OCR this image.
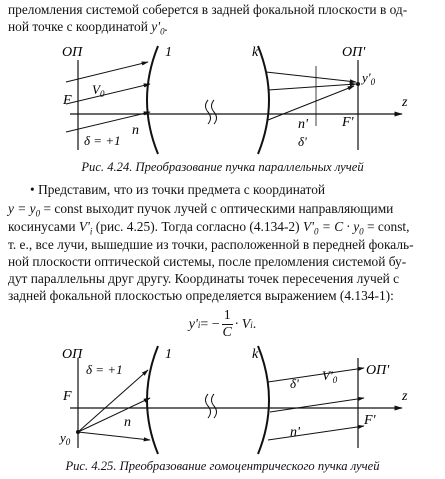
преломления системой соберется в задней фокальной плоскости в од-
ной точке с координатой $y'_0$.
z
ОП	1	k	ОП'
$V_0$
F
δ = +1
n
$y'_0$
F'
n'
δ'
Рис. 4.24. Преобразование пучка параллельных лучей
• Представим, что из точки предмета с координатой
$y = y_0$ = const выходит пучок лучей с оптическими направляющими
косинусами $V'_i$ (рис. 4.25). Тогда согласно (4.134-2) $V'_0 = C \cdot y_0$ = const,
т. е., все лучи, вышедшие из точки, расположенной в передней фокаль-
ной плоскости оптической системы, после преломления системой бу-
дут параллельны друг другу. Координаты точек пересечения лучей с
задней фокальной плоскостью определяется выражением (4.134-1):
y' i = − $\frac{1}{C} \cdot V$ i .
z
ОП	1	k
ОП'
δ = +1
F
$y_0$
n
δ'
$V'_0$
F'
n'
Рис. 4.25. Преобразование гомоцентрического пучка лучей
